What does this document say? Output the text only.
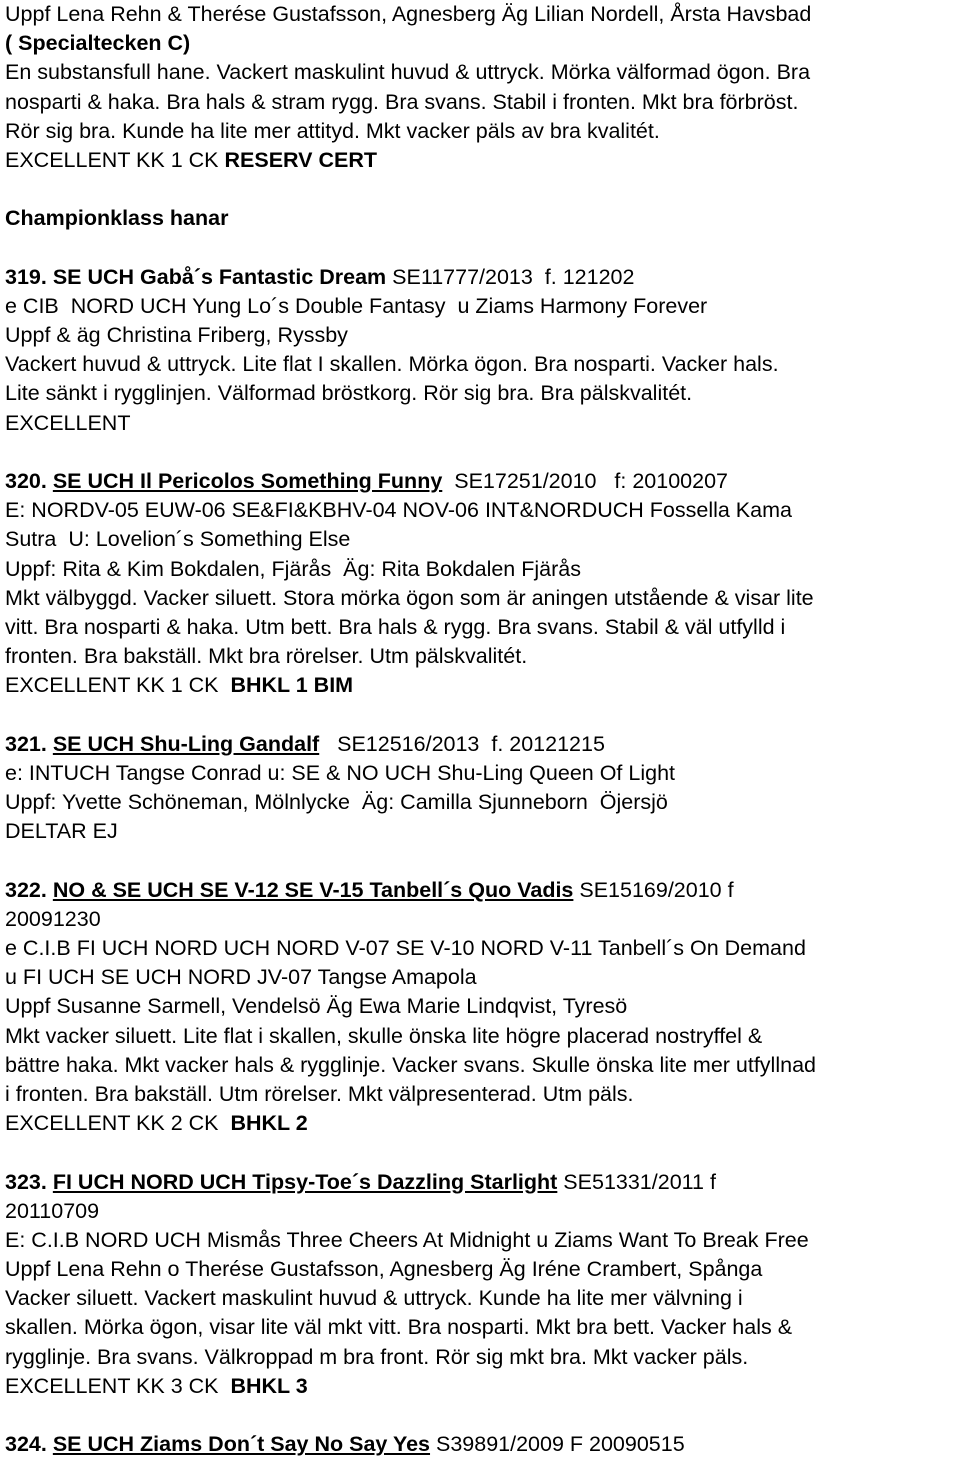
Uppf Lena Rehn & Therése Gustafsson, Agnesberg Äg Lilian Nordell, Årsta Havsbad
( Specialtecken C)
En substansfull hane. Vackert maskulint huvud & uttryck. Mörka välformad ögon. Bra
nosparti & haka. Bra hals & stram rygg. Bra svans. Stabil i fronten. Mkt bra förbröst.
Rör sig bra. Kunde ha lite mer attityd. Mkt vacker päls av bra kvalitét.
EXCELLENT KK 1 CK RESERV CERT
Championklass hanar
319. SE UCH Gabå´s Fantastic Dream SE11777/2013  f. 121202
e CIB  NORD UCH Yung Lo´s Double Fantasy  u Ziams Harmony Forever
Uppf & äg Christina Friberg, Ryssby
Vackert huvud & uttryck. Lite flat I skallen. Mörka ögon. Bra nosparti. Vacker hals.
Lite sänkt i rygglinjen. Välformad bröstkorg. Rör sig bra. Bra pälskvalitét.
EXCELLENT
320. SE UCH Il Pericolos Something Funny  SE17251/2010   f: 20100207
E: NORDV-05 EUW-06 SE&FI&KBHV-04 NOV-06 INT&NORDUCH Fossella Kama
Sutra  U: Lovelion´s Something Else
Uppf: Rita & Kim Bokdalen, Fjärås  Äg: Rita Bokdalen Fjärås
Mkt välbyggd. Vacker siluett. Stora mörka ögon som är aningen utstående & visar lite
vitt. Bra nosparti & haka. Utm bett. Bra hals & rygg. Bra svans. Stabil & väl utfylld i
fronten. Bra bakställ. Mkt bra rörelser. Utm pälskvalitét.
EXCELLENT KK 1 CK  BHKL 1 BIM
321. SE UCH Shu-Ling Gandalf   SE12516/2013  f. 20121215
e: INTUCH Tangse Conrad u: SE & NO UCH Shu-Ling Queen Of Light
Uppf: Yvette Schöneman, Mölnlycke  Äg: Camilla Sjunneborn  Öjersjö
DELTAR EJ
322. NO & SE UCH SE V-12 SE V-15 Tanbell´s Quo Vadis SE15169/2010 f
20091230
e C.I.B FI UCH NORD UCH NORD V-07 SE V-10 NORD V-11 Tanbell´s On Demand
u FI UCH SE UCH NORD JV-07 Tangse Amapola
Uppf Susanne Sarmell, Vendelsö Äg Ewa Marie Lindqvist, Tyresö
Mkt vacker siluett. Lite flat i skallen, skulle önska lite högre placerad nostryffel &
bättre haka. Mkt vacker hals & rygglinje. Vacker svans. Skulle önska lite mer utfyllnad
i fronten. Bra bakställ. Utm rörelser. Mkt välpresenterad. Utm päls.
EXCELLENT KK 2 CK  BHKL 2
323. FI UCH NORD UCH Tipsy-Toe´s Dazzling Starlight SE51331/2011 f
20110709
E: C.I.B NORD UCH Mismås Three Cheers At Midnight u Ziams Want To Break Free
Uppf Lena Rehn o Therése Gustafsson, Agnesberg Äg Iréne Crambert, Spånga
Vacker siluett. Vackert maskulint huvud & uttryck. Kunde ha lite mer välvning i
skallen. Mörka ögon, visar lite väl mkt vitt. Bra nosparti. Mkt bra bett. Vacker hals &
rygglinje. Bra svans. Välkroppad m bra front. Rör sig mkt bra. Mkt vacker päls.
EXCELLENT KK 3 CK  BHKL 3
324. SE UCH Ziams Don´t Say No Say Yes S39891/2009 F 20090515
